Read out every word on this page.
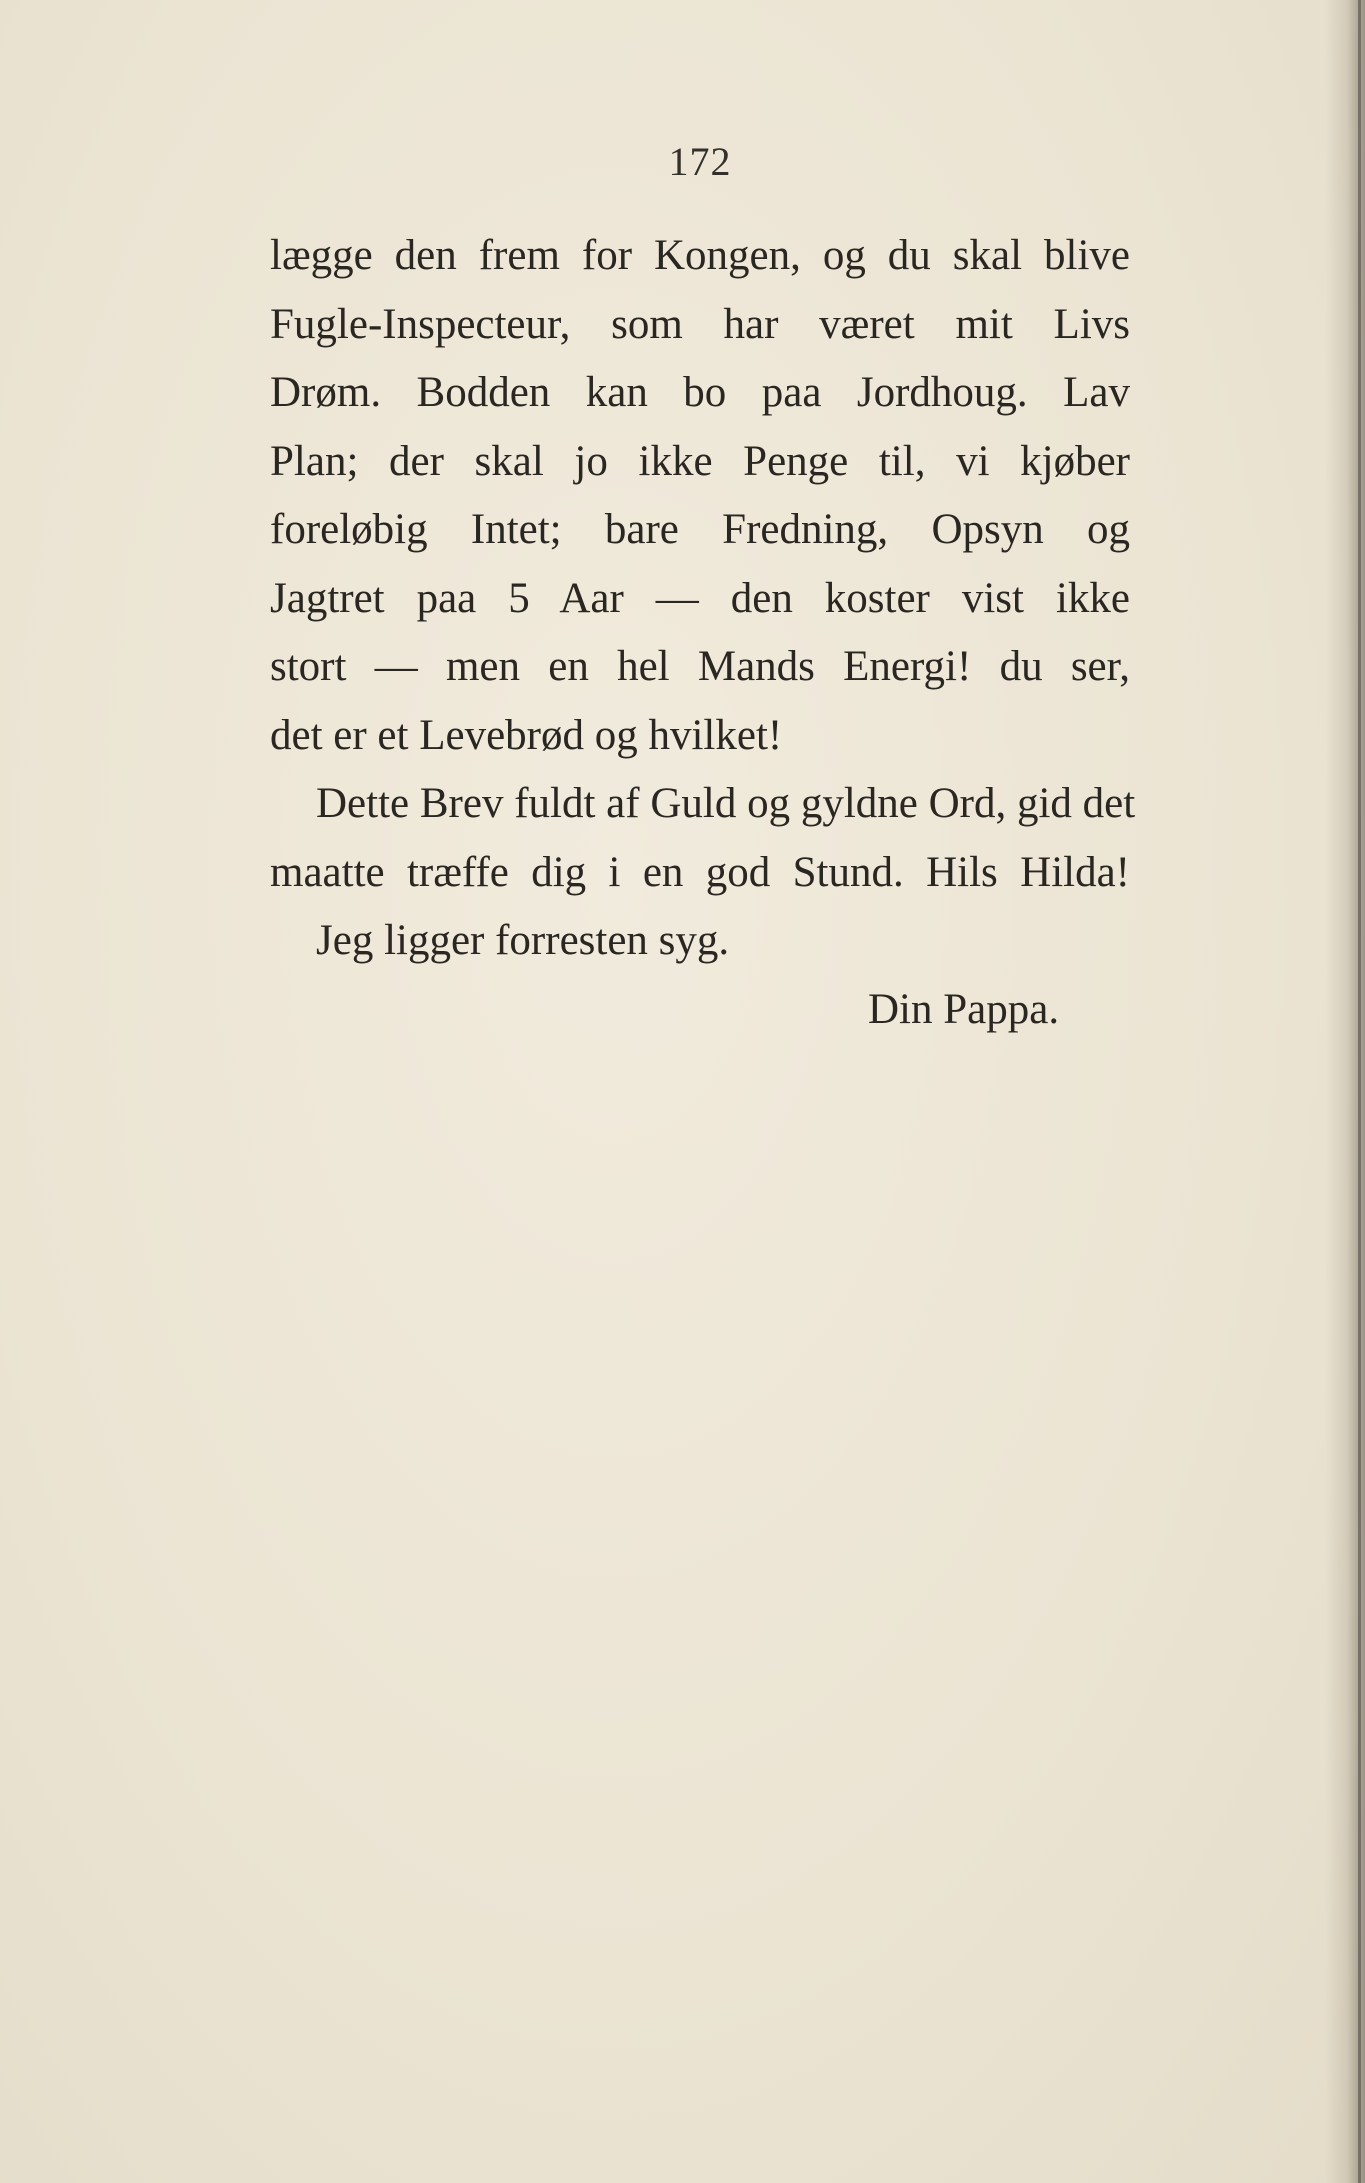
172
lægge den frem for Kongen, og du skal blive
Fugle-Inspecteur, som har været mit Livs
Drøm. Bodden kan bo paa Jordhoug. Lav
Plan; der skal jo ikke Penge til, vi kjøber
foreløbig Intet; bare Fredning, Opsyn og
Jagtret paa 5 Aar — den koster vist ikke
stort — men en hel Mands Energi! du ser,
det er et Levebrød og hvilket!
Dette Brev fuldt af Guld og gyldne Ord, gid det
maatte træffe dig i en god Stund. Hils Hilda!
Jeg ligger forresten syg.
Din Pappa.
